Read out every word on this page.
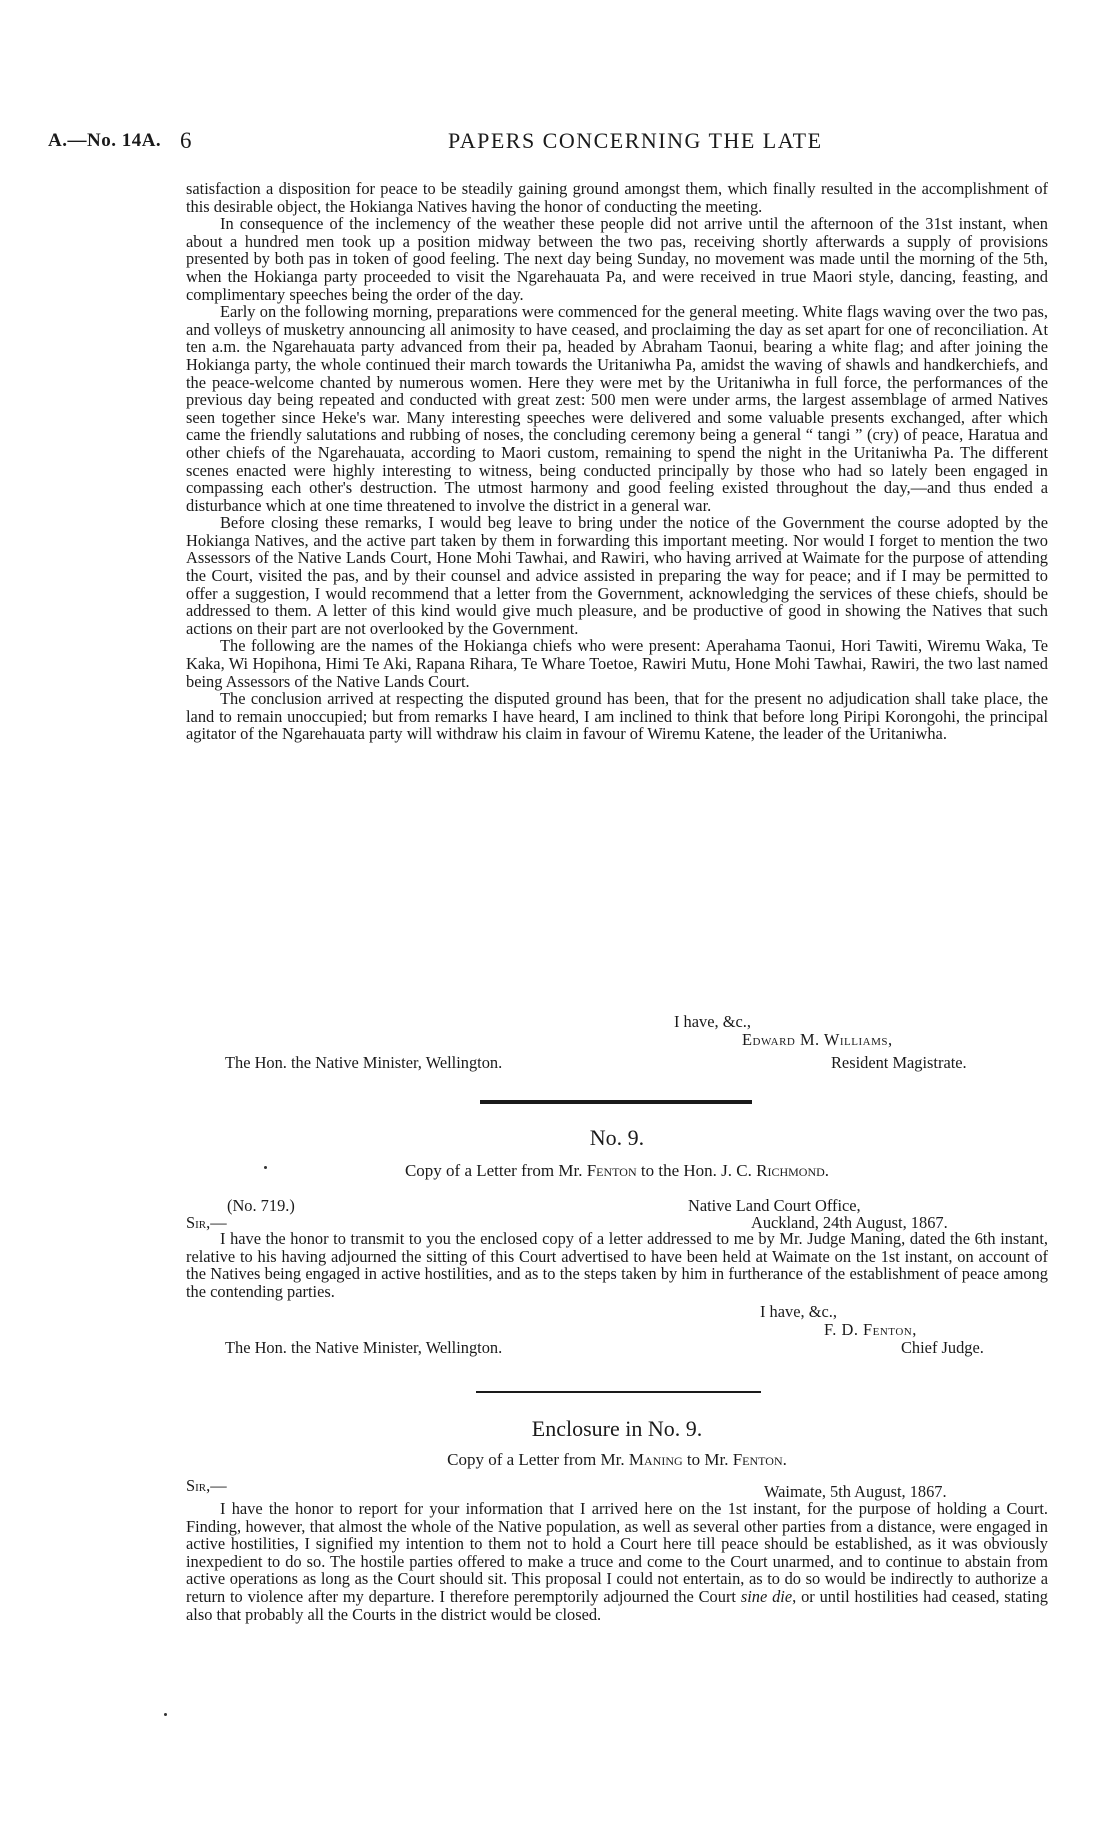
A.—No. 14A. 6	PAPERS CONCERNING THE LATE

satisfaction a disposition for peace to be steadily gaining ground amongst them, which finally resulted in the accomplishment of this desirable object, the Hokianga Natives having the honor of conducting the meeting.

In consequence of the inclemency of the weather these people did not arrive until the afternoon of the 31st instant, when about a hundred men took up a position midway between the two pas, receiving shortly afterwards a supply of provisions presented by both pas in token of good feeling. The next day being Sunday, no movement was made until the morning of the 5th, when the Hokianga party proceeded to visit the Ngarehauata Pa, and were received in true Maori style, dancing, feasting, and complimentary speeches being the order of the day.

Early on the following morning, preparations were commenced for the general meeting. White flags waving over the two pas, and volleys of musketry announcing all animosity to have ceased, and proclaiming the day as set apart for one of reconciliation. At ten a.m. the Ngarehauata party advanced from their pa, headed by Abraham Taonui, bearing a white flag; and after joining the Hokianga party, the whole continued their march towards the Uritaniwha Pa, amidst the waving of shawls and handkerchiefs, and the peace-welcome chanted by numerous women. Here they were met by the Uritaniwha in full force, the performances of the previous day being repeated and conducted with great zest: 500 men were under arms, the largest assemblage of armed Natives seen together since Heke's war. Many interesting speeches were delivered and some valuable presents exchanged, after which came the friendly salutations and rubbing of noses, the concluding ceremony being a general “ tangi ” (cry) of peace, Haratua and other chiefs of the Ngarehauata, according to Maori custom, remaining to spend the night in the Uritaniwha Pa. The different scenes enacted were highly interesting to witness, being conducted principally by those who had so lately been engaged in compassing each other's destruction. The utmost harmony and good feeling existed throughout the day,—and thus ended a disturbance which at one time threatened to involve the district in a general war.

Before closing these remarks, I would beg leave to bring under the notice of the Government the course adopted by the Hokianga Natives, and the active part taken by them in forwarding this important meeting. Nor would I forget to mention the two Assessors of the Native Lands Court, Hone Mohi Tawhai, and Rawiri, who having arrived at Waimate for the purpose of attending the Court, visited the pas, and by their counsel and advice assisted in preparing the way for peace; and if I may be permitted to offer a suggestion, I would recommend that a letter from the Government, acknowledging the services of these chiefs, should be addressed to them. A letter of this kind would give much pleasure, and be productive of good in showing the Natives that such actions on their part are not overlooked by the Government.

The following are the names of the Hokianga chiefs who were present: Aperahama Taonui, Hori Tawiti, Wiremu Waka, Te Kaka, Wi Hopihona, Himi Te Aki, Rapana Rihara, Te Whare Toetoe, Rawiri Mutu, Hone Mohi Tawhai, Rawiri, the two last named being Assessors of the Native Lands Court.

The conclusion arrived at respecting the disputed ground has been, that for the present no adjudication shall take place, the land to remain unoccupied; but from remarks I have heard, I am inclined to think that before long Piripi Korongohi, the principal agitator of the Ngarehauata party will withdraw his claim in favour of Wiremu Katene, the leader of the Uritaniwha.

I have, &c.,
Edward M. Williams,
The Hon. the Native Minister, Wellington.	Resident Magistrate.
No. 9.
Copy of a Letter from Mr. Fenton to the Hon. J. C. Richmond.
(No. 719.)	Native Land Court Office,
Sir,—	Auckland, 24th August, 1867.

I have the honor to transmit to you the enclosed copy of a letter addressed to me by Mr. Judge Maning, dated the 6th instant, relative to his having adjourned the sitting of this Court advertised to have been held at Waimate on the 1st instant, on account of the Natives being engaged in active hostilities, and as to the steps taken by him in furtherance of the establishment of peace among the contending parties.

I have, &c.,
F. D. Fenton,
The Hon. the Native Minister, Wellington.	Chief Judge.
Enclosure in No. 9.
Copy of a Letter from Mr. Maning to Mr. Fenton.
Sir,—	Waimate, 5th August, 1867.

I have the honor to report for your information that I arrived here on the 1st instant, for the purpose of holding a Court. Finding, however, that almost the whole of the Native population, as well as several other parties from a distance, were engaged in active hostilities, I signified my intention to them not to hold a Court here till peace should be established, as it was obviously inexpedient to do so. The hostile parties offered to make a truce and come to the Court unarmed, and to continue to abstain from active operations as long as the Court should sit. This proposal I could not entertain, as to do so would be indirectly to authorize a return to violence after my departure. I therefore peremptorily adjourned the Court sine die, or until hostilities had ceased, stating also that probably all the Courts in the district would be closed.
